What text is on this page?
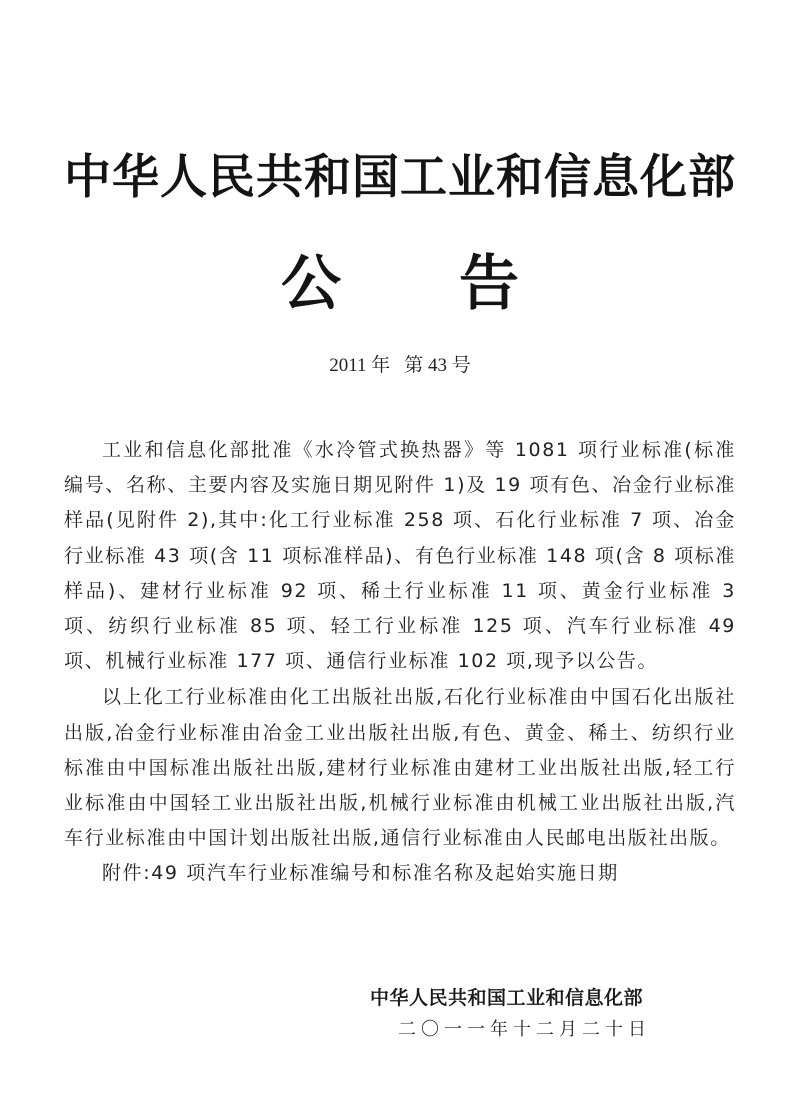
中华人民共和国工业和信息化部
公 告
2011 年 第 43 号

工业和信息化部批准《水冷管式换热器》等 1081 项行业标准(标准编号、名称、主要内容及实施日期见附件 1)及 19 项有色、冶金行业标准样品(见附件 2),其中:化工行业标准 258 项、石化行业标准 7 项、冶金行业标准 43 项(含 11 项标准样品)、有色行业标准 148 项(含 8 项标准样品)、建材行业标准 92 项、稀土行业标准 11 项、黄金行业标准 3 项、纺织行业标准 85 项、轻工行业标准 125 项、汽车行业标准 49 项、机械行业标准 177 项、通信行业标准 102 项,现予以公告。

以上化工行业标准由化工出版社出版,石化行业标准由中国石化出版社出版,冶金行业标准由冶金工业出版社出版,有色、黄金、稀土、纺织行业标准由中国标准出版社出版,建材行业标准由建材工业出版社出版,轻工行业标准由中国轻工业出版社出版,机械行业标准由机械工业出版社出版,汽车行业标准由中国计划出版社出版,通信行业标准由人民邮电出版社出版。

附件:49 项汽车行业标准编号和标准名称及起始实施日期

中华人民共和国工业和信息化部
二〇一一年十二月二十日
